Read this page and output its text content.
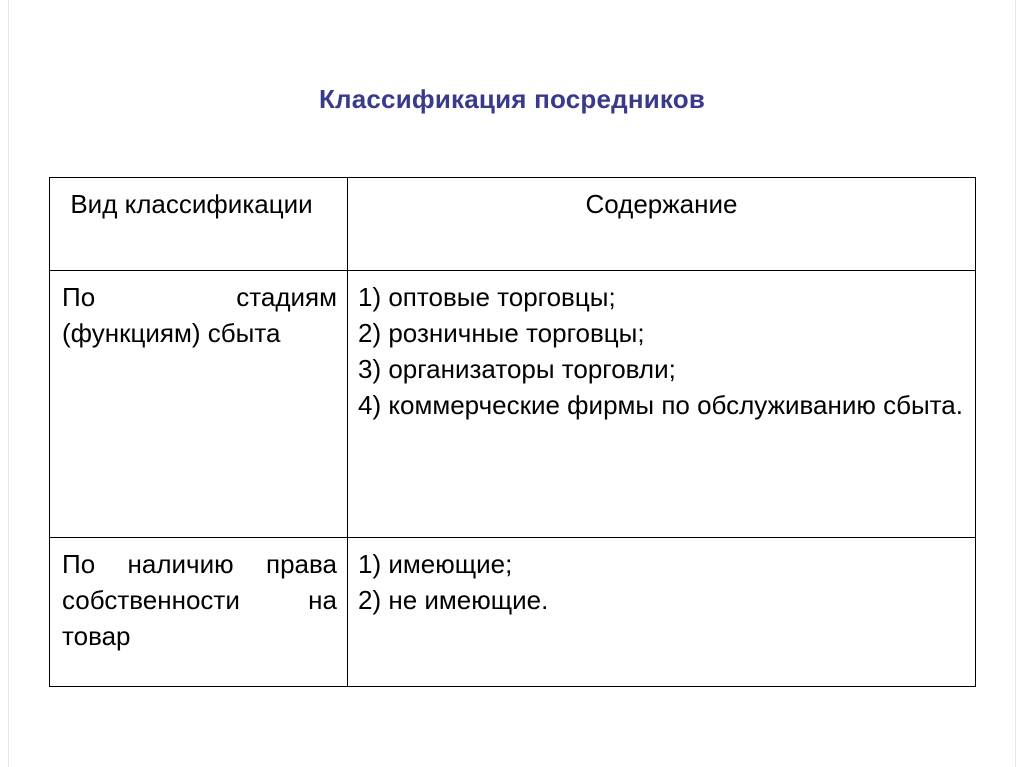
Классификация посредников
Вид классификации	Содержание

По стадиям (функциям) сбыта	1) оптовые торговцы;
2) розничные торговцы;
3) организаторы торговли;
4) коммерческие фирмы по обслуживанию сбыта.

По наличию права собственности на товар	1) имеющие;
2) не имеющие.
